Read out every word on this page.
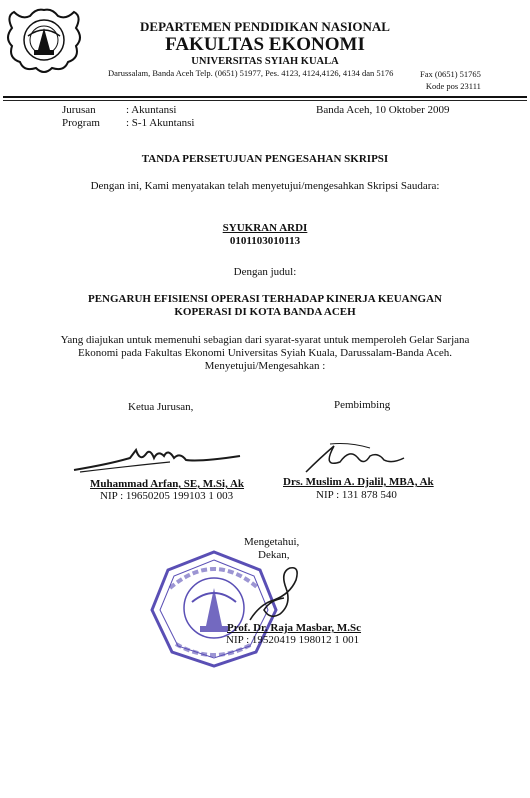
DEPARTEMEN PENDIDIKAN NASIONAL
FAKULTAS EKONOMI
UNIVERSITAS SYIAH KUALA
Darussalam, Banda Aceh Telp. (0651) 51977, Pes. 4123, 4124,4126, 4134 dan 5176	Fax (0651) 51765
Kode pos 23111
Jurusan	: Akuntansi
Program : S-1 Akuntansi
Banda Aceh, 10 Oktober 2009
TANDA PERSETUJUAN PENGESAHAN SKRIPSI
Dengan ini, Kami menyatakan telah menyetujui/mengesahkan Skripsi Saudara:
SYUKRAN ARDI
0101103010113
Dengan judul:
PENGARUH EFISIENSI OPERASI TERHADAP KINERJA KEUANGAN
KOPERASI DI KOTA BANDA ACEH
Yang diajukan untuk memenuhi sebagian dari syarat-syarat untuk memperoleh Gelar Sarjana
Ekonomi pada Fakultas Ekonomi Universitas Syiah Kuala, Darussalam-Banda Aceh.
Menyetujui/Mengesahkan :
Ketua Jurusan,	Pembimbing
Muhammad Arfan, SE, M.Si, Ak
NIP : 19650205 199103 1 003
Drs. Muslim A. Djalil, MBA, Ak
NIP : 131 878 540
Mengetahui,
Dekan,
Prof. Dr. Raja Masbar, M.Sc
NIP : 19520419 198012 1 001
